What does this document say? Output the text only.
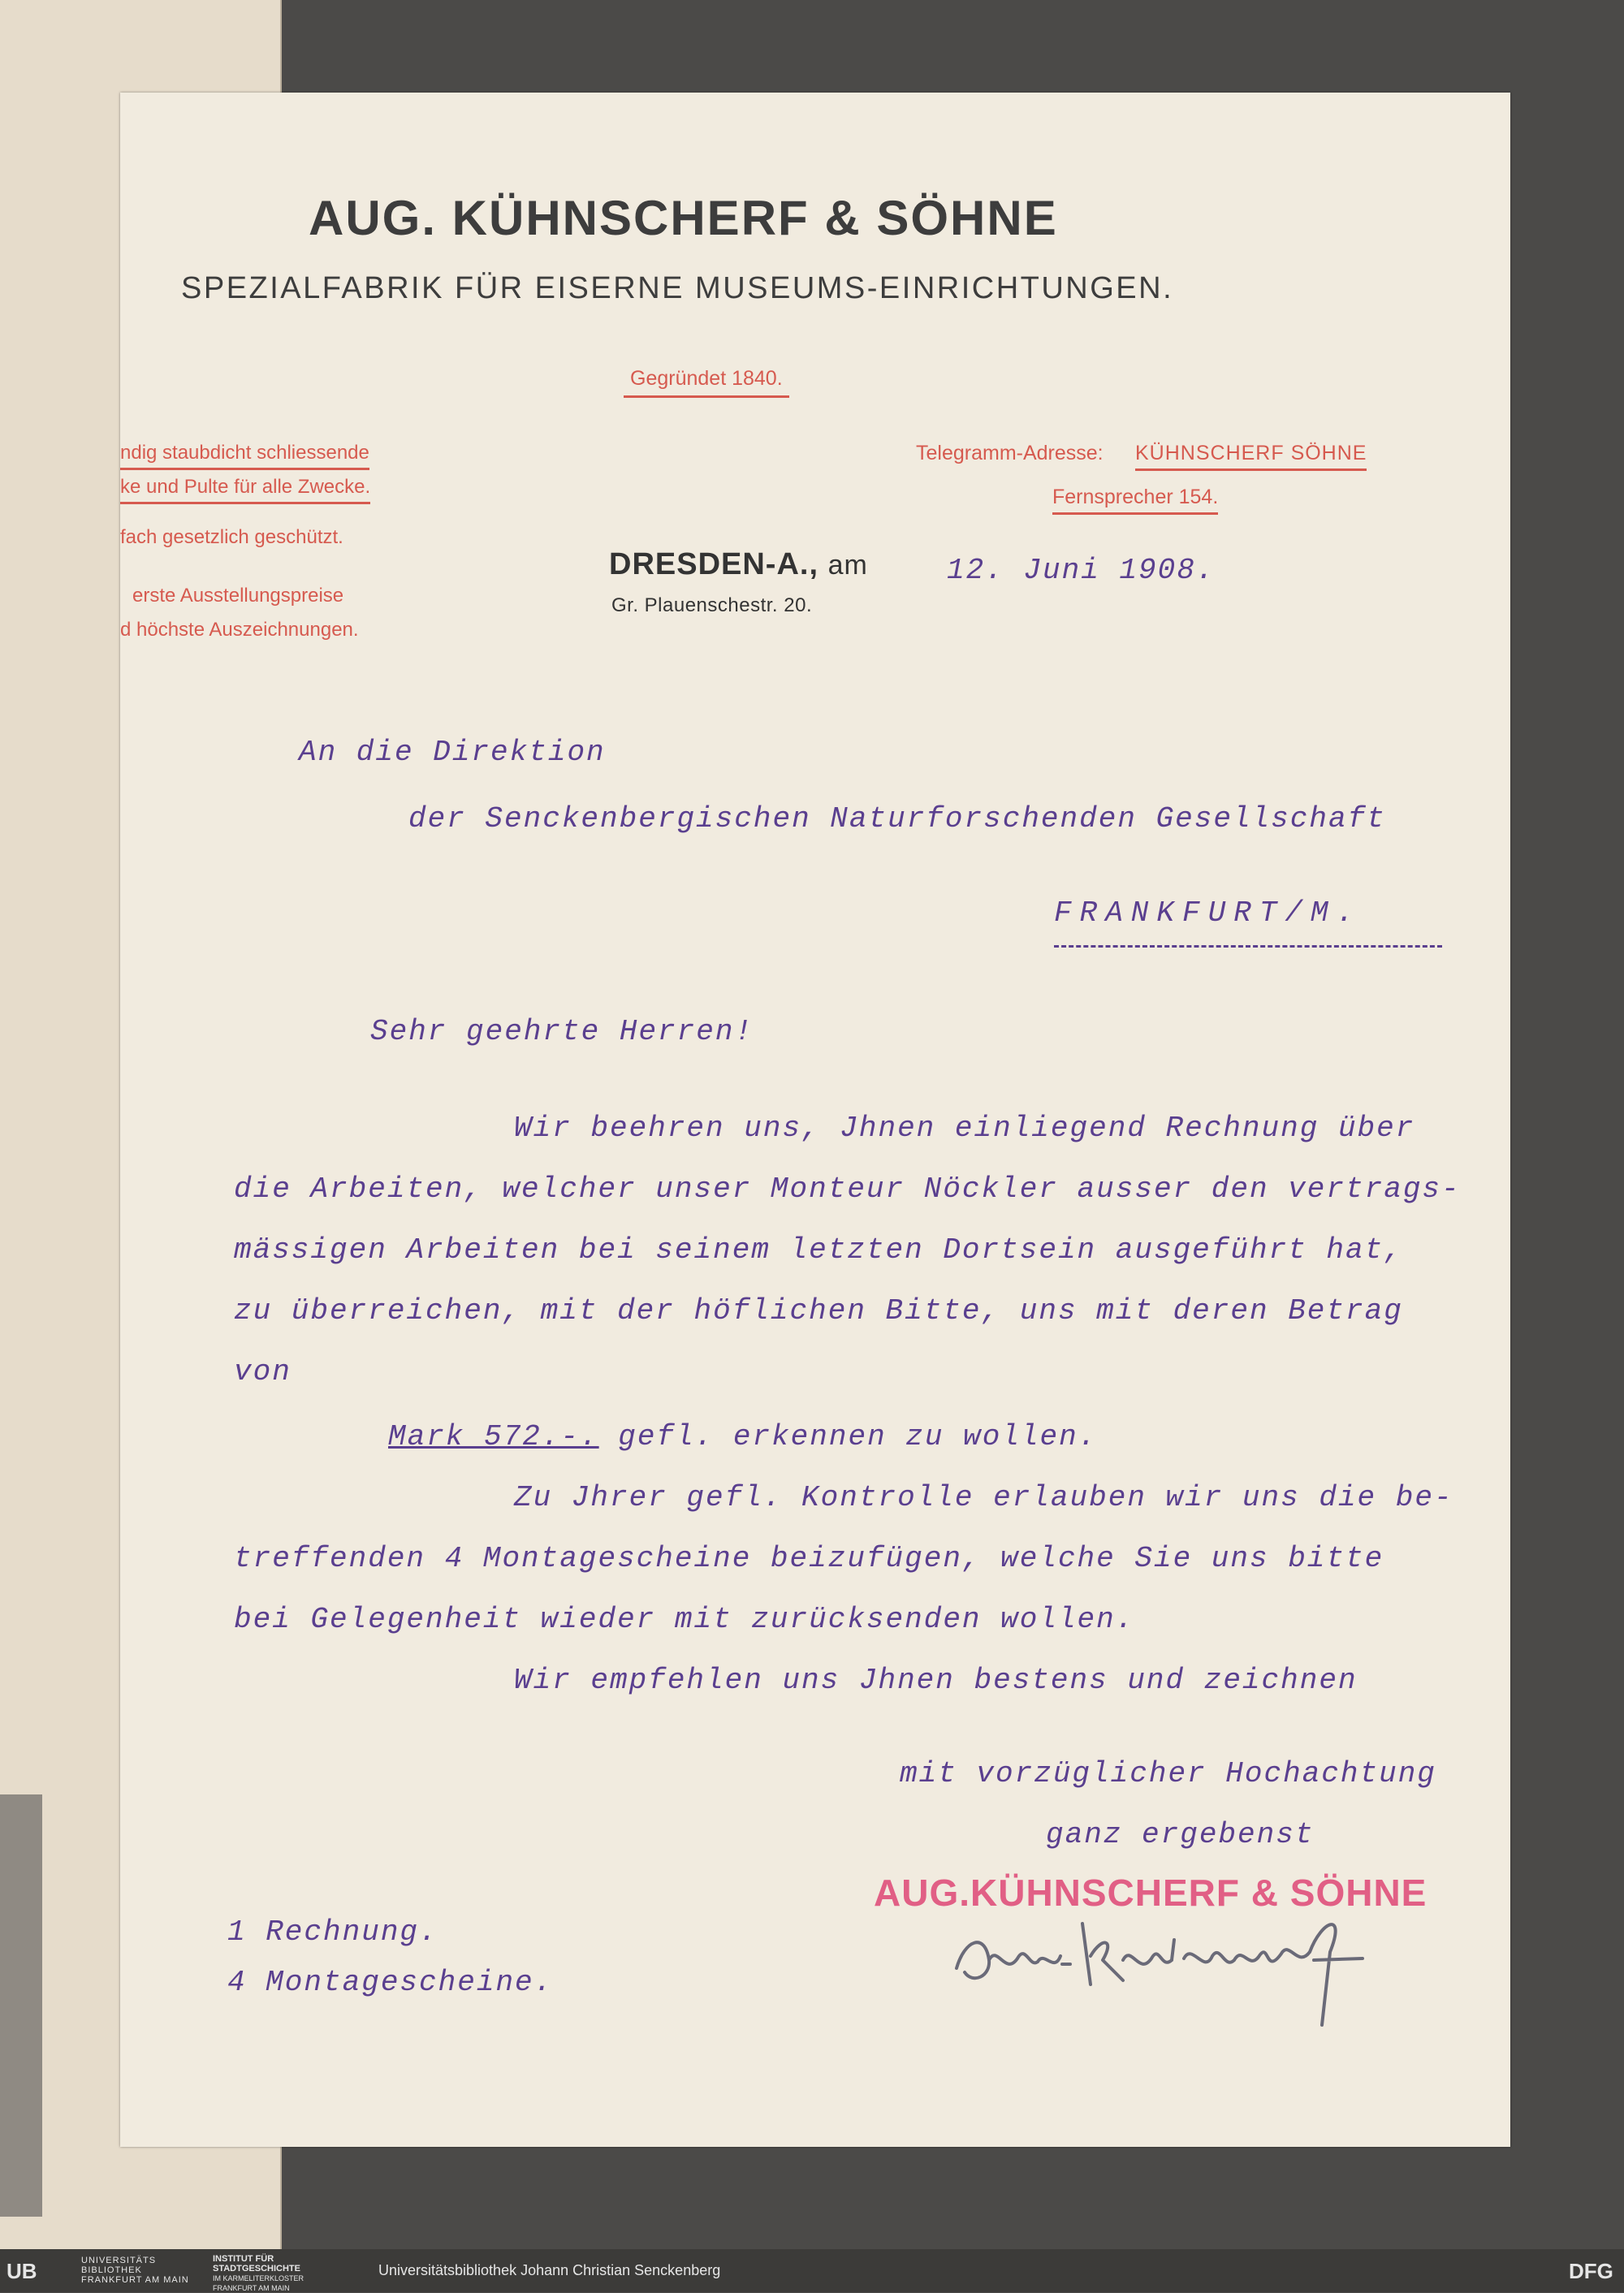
AUG. KÜHNSCHERF & SÖHNE
SPEZIALFABRIK FÜR EISERNE MUSEUMS-EINRICHTUNGEN.
Gegründet 1840.
ndig staubdicht schliessende
ke und Pulte für alle Zwecke.
fach gesetzlich geschützt.
erste Ausstellungspreise
d höchste Auszeichnungen.
Telegramm-Adresse: KÜHNSCHERF SÖHNE
Fernsprecher 154.
DRESDEN-A., am
Gr. Plauenschestr. 20.
12. Juni 1908.
An die Direktion
der Senckenbergischen Naturforschenden Gesellschaft
FRANKFURT/M.
Sehr geehrte Herren!
Wir beehren uns, Jhnen einliegend Rechnung über
die Arbeiten, welcher unser Monteur Nöckler ausser den vertrags-
mässigen Arbeiten bei seinem letzten Dortsein ausgeführt hat,
zu überreichen, mit der höflichen Bitte, uns mit deren Betrag
von
Mark 572.-. gefl. erkennen zu wollen.
Zu Jhrer gefl. Kontrolle erlauben wir uns die be-
treffenden 4 Montagescheine beizufügen, welche Sie uns bitte
bei Gelegenheit wieder mit zurücksenden wollen.
Wir empfehlen uns Jhnen bestens und zeichnen
mit vorzüglicher Hochachtung
ganz ergebenst
AUG.KÜHNSCHERF & SÖHNE
1 Rechnung.
4 Montagescheine.
UB	UNIVERSITÄTS
BIBLIOTHEK
FRANKFURT AM MAIN
INSTITUT FÜR
STADTGESCHICHTE
IM KARMELITERKLOSTER
FRANKFURT AM MAIN
Universitätsbibliothek Johann Christian Senckenberg	DFG
